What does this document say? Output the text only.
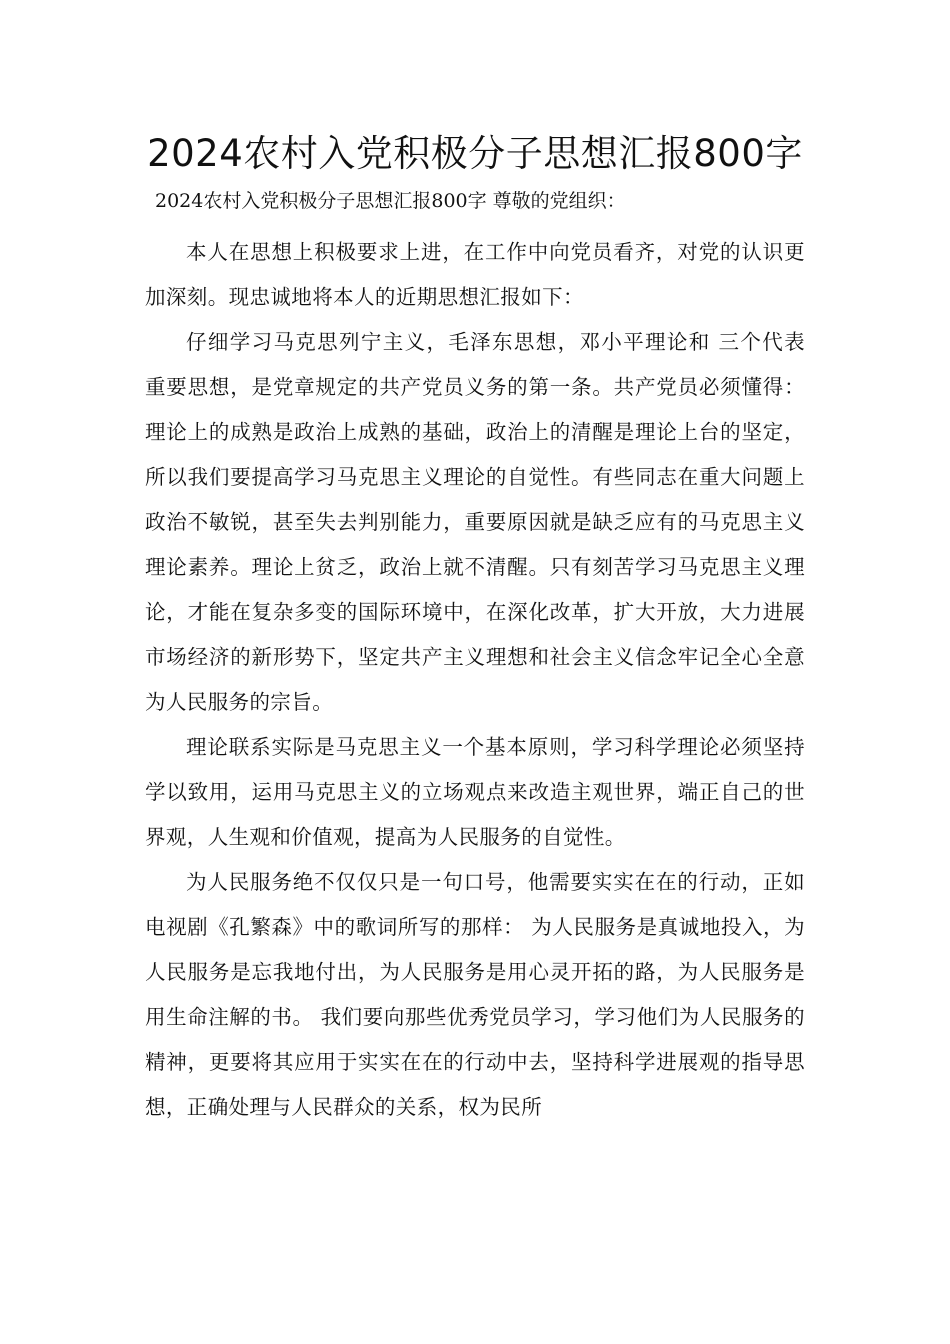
2024农村入党积极分子思想汇报800字
2024农村入党积极分子思想汇报800字 尊敬的党组织：

本人在思想上积极要求上进，在工作中向党员看齐，对党的认识更加深刻。现忠诚地将本人的近期思想汇报如下：

仔细学习马克思列宁主义，毛泽东思想，邓小平理论和 三个代表 重要思想，是党章规定的共产党员义务的第一条。共产党员必须懂得：理论上的成熟是政治上成熟的基础，政治上的清醒是理论上台的坚定，所以我们要提高学习马克思主义理论的自觉性。有些同志在重大问题上政治不敏锐，甚至失去判别能力，重要原因就是缺乏应有的马克思主义理论素养。理论上贫乏，政治上就不清醒。只有刻苦学习马克思主义理论，才能在复杂多变的国际环境中，在深化改革，扩大开放，大力进展市场经济的新形势下，坚定共产主义理想和社会主义信念牢记全心全意为人民服务的宗旨。

理论联系实际是马克思主义一个基本原则，学习科学理论必须坚持学以致用，运用马克思主义的立场观点来改造主观世界，端正自己的世界观，人生观和价值观，提高为人民服务的自觉性。

为人民服务绝不仅仅只是一句口号，他需要实实在在的行动，正如电视剧《孔繁森》中的歌词所写的那样： 为人民服务是真诚地投入，为人民服务是忘我地付出，为人民服务是用心灵开拓的路，为人民服务是用生命注解的书。 我们要向那些优秀党员学习，学习他们为人民服务的精神，更要将其应用于实实在在的行动中去，坚持科学进展观的指导思想，正确处理与人民群众的关系，权为民所
